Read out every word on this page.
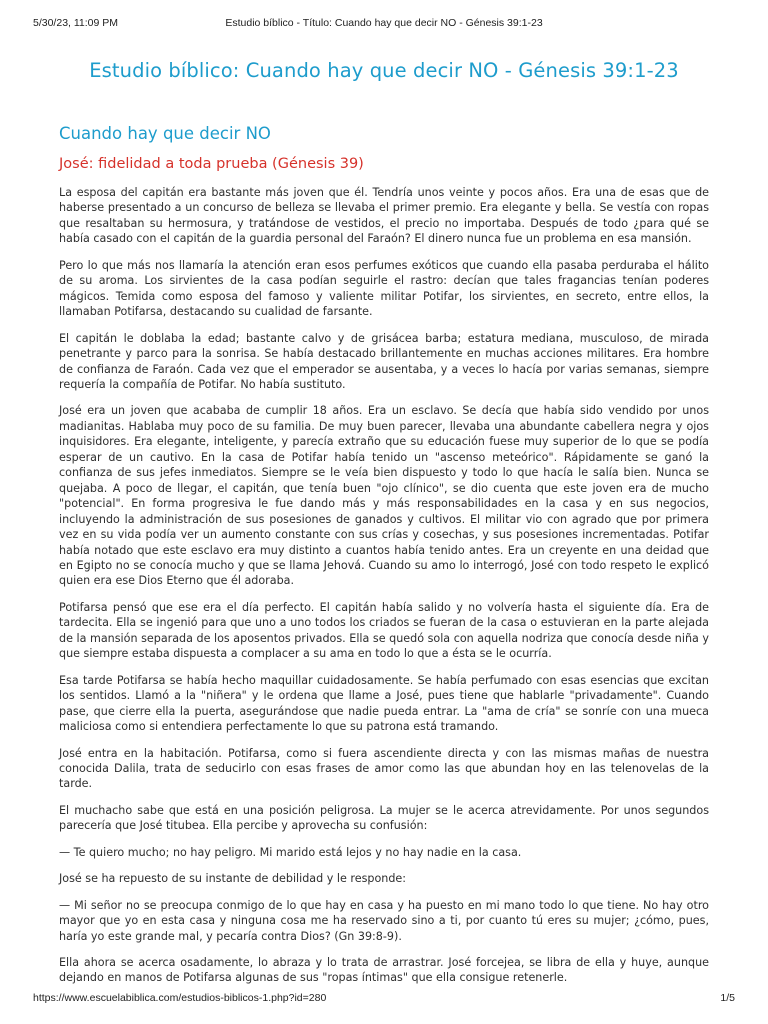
5/30/23, 11:09 PM	Estudio bíblico - Título: Cuando hay que decir NO - Génesis 39:1-23
Estudio bíblico: Cuando hay que decir NO - Génesis 39:1-23
Cuando hay que decir NO
José: fidelidad a toda prueba (Génesis 39)

La esposa del capitán era bastante más joven que él. Tendría unos veinte y pocos años. Era una de esas que de haberse presentado a un concurso de belleza se llevaba el primer premio. Era elegante y bella. Se vestía con ropas que resaltaban su hermosura, y tratándose de vestidos, el precio no importaba. Después de todo ¿para qué se había casado con el capitán de la guardia personal del Faraón? El dinero nunca fue un problema en esa mansión.

Pero lo que más nos llamaría la atención eran esos perfumes exóticos que cuando ella pasaba perduraba el hálito de su aroma. Los sirvientes de la casa podían seguirle el rastro: decían que tales fragancias tenían poderes mágicos. Temida como esposa del famoso y valiente militar Potifar, los sirvientes, en secreto, entre ellos, la llamaban Potifarsa, destacando su cualidad de farsante.

El capitán le doblaba la edad; bastante calvo y de grisácea barba; estatura mediana, musculoso, de mirada penetrante y parco para la sonrisa. Se había destacado brillantemente en muchas acciones militares. Era hombre de confianza de Faraón. Cada vez que el emperador se ausentaba, y a veces lo hacía por varias semanas, siempre requería la compañía de Potifar. No había sustituto.

José era un joven que acababa de cumplir 18 años. Era un esclavo. Se decía que había sido vendido por unos madianitas. Hablaba muy poco de su familia. De muy buen parecer, llevaba una abundante cabellera negra y ojos inquisidores. Era elegante, inteligente, y parecía extraño que su educación fuese muy superior de lo que se podía esperar de un cautivo. En la casa de Potifar había tenido un "ascenso meteórico". Rápidamente se ganó la confianza de sus jefes inmediatos. Siempre se le veía bien dispuesto y todo lo que hacía le salía bien. Nunca se quejaba. A poco de llegar, el capitán, que tenía buen "ojo clínico", se dio cuenta que este joven era de mucho "potencial". En forma progresiva le fue dando más y más responsabilidades en la casa y en sus negocios, incluyendo la administración de sus posesiones de ganados y cultivos. El militar vio con agrado que por primera vez en su vida podía ver un aumento constante con sus crías y cosechas, y sus posesiones incrementadas. Potifar había notado que este esclavo era muy distinto a cuantos había tenido antes. Era un creyente en una deidad que en Egipto no se conocía mucho y que se llama Jehová. Cuando su amo lo interrogó, José con todo respeto le explicó quien era ese Dios Eterno que él adoraba.

Potifarsa pensó que ese era el día perfecto. El capitán había salido y no volvería hasta el siguiente día. Era de tardecita. Ella se ingenió para que uno a uno todos los criados se fueran de la casa o estuvieran en la parte alejada de la mansión separada de los aposentos privados. Ella se quedó sola con aquella nodriza que conocía desde niña y que siempre estaba dispuesta a complacer a su ama en todo lo que a ésta se le ocurría.

Esa tarde Potifarsa se había hecho maquillar cuidadosamente. Se había perfumado con esas esencias que excitan los sentidos. Llamó a la "niñera" y le ordena que llame a José, pues tiene que hablarle "privadamente". Cuando pase, que cierre ella la puerta, asegurándose que nadie pueda entrar. La "ama de cría" se sonríe con una mueca maliciosa como si entendiera perfectamente lo que su patrona está tramando.

José entra en la habitación. Potifarsa, como si fuera ascendiente directa y con las mismas mañas de nuestra conocida Dalila, trata de seducirlo con esas frases de amor como las que abundan hoy en las telenovelas de la tarde.

El muchacho sabe que está en una posición peligrosa. La mujer se le acerca atrevidamente. Por unos segundos parecería que José titubea. Ella percibe y aprovecha su confusión:

— Te quiero mucho; no hay peligro. Mi marido está lejos y no hay nadie en la casa.

José se ha repuesto de su instante de debilidad y le responde:

— Mi señor no se preocupa conmigo de lo que hay en casa y ha puesto en mi mano todo lo que tiene. No hay otro mayor que yo en esta casa y ninguna cosa me ha reservado sino a ti, por cuanto tú eres su mujer; ¿cómo, pues, haría yo este grande mal, y pecaría contra Dios? (Gn 39:8-9).

Ella ahora se acerca osadamente, lo abraza y lo trata de arrastrar. José forcejea, se libra de ella y huye, aunque dejando en manos de Potifarsa algunas de sus "ropas íntimas" que ella consigue retenerle.

https://www.escuelabiblica.com/estudios-biblicos-1.php?id=280	1/5
